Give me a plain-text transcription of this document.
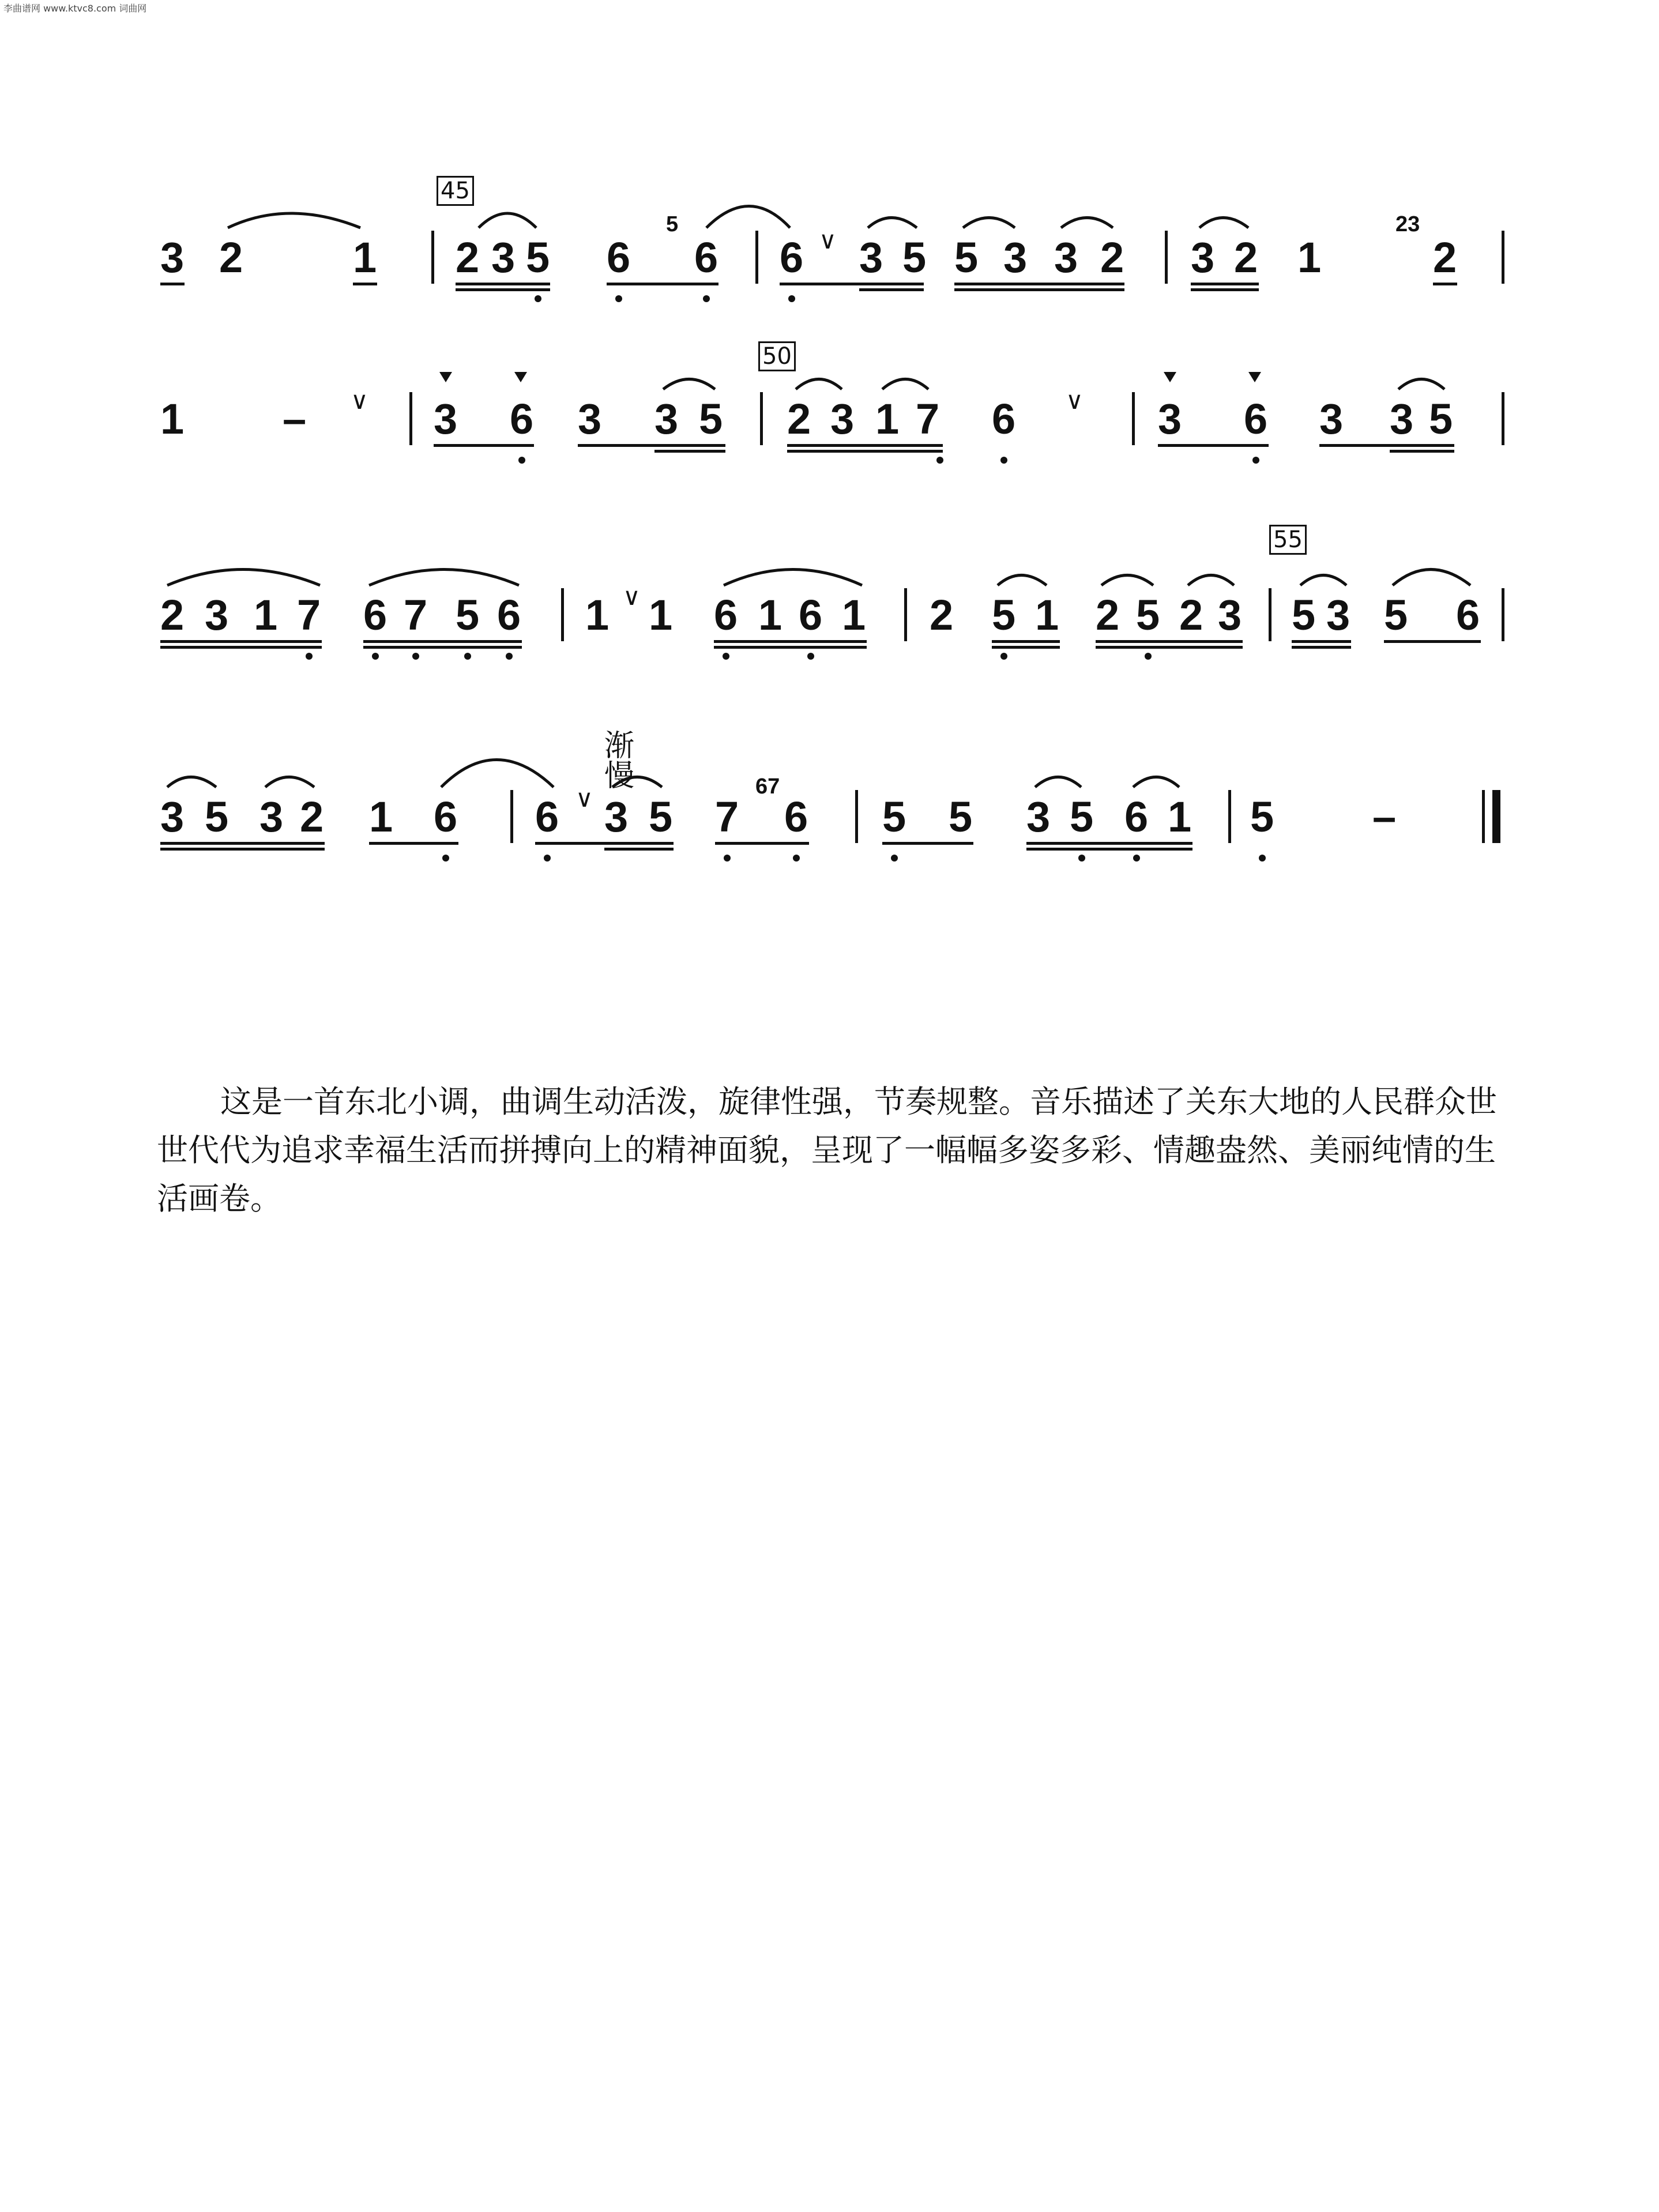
李曲谱网 www.ktvc8.com 词曲网
45
50
55
渐慢
5	23
67
3 2	1 2 3 5 6 6 6 ∨ 3 5 5 3 3 2 3 2 1	2
1 – ∨ 3 6 3 3 5 2 3 1 7 6 ∨ 3 6 3 3 5
2 3 1 7 6 7 5 6 1 ∨ 1 6 1 6 1 2 5 1 2 5 2 3 5 3 5 6
3 5 3 2 1 6 6 ∨ 3 5 7 6 5 5 3 5 6 1 5 –

这是一首东北小调，曲调生动活泼，旋律性强，节奏规整。音乐描述了关东大地的人民群众世世代代为追求幸福生活而拼搏向上的精神面貌，呈现了一幅幅多姿多彩、情趣盎然、美丽纯情的生活画卷。
